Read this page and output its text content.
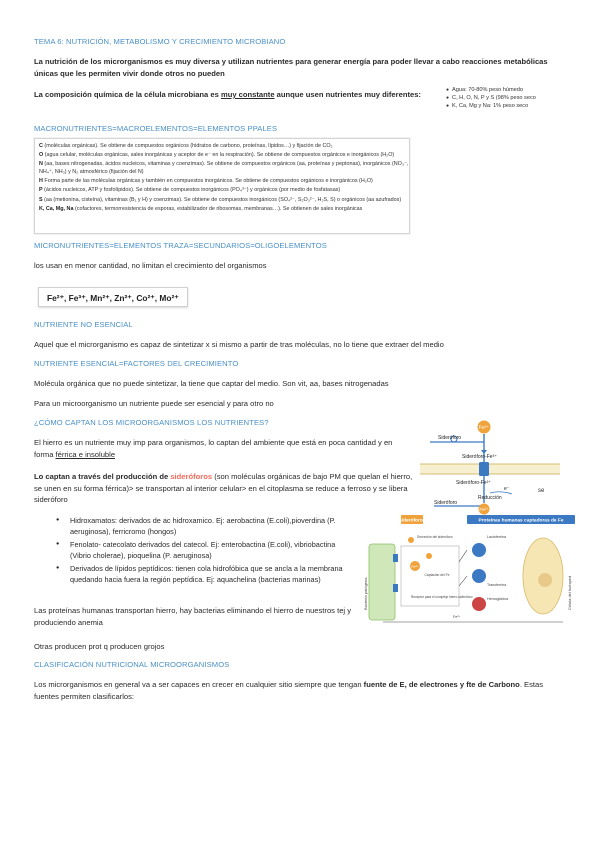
TEMA 6: NUTRICIÓN, METABOLISMO Y CRECIMIENTO MICROBIANO
La nutrición de los microrganismos es muy diversa y utilizan nutrientes para generar energía para poder llevar a cabo reacciones metabólicas únicas que les permiten vivir donde otros no pueden
La composición química de la célula microbiana es muy constante aunque usen nutrientes muy diferentes:
●	Agua: 70-80% peso húmedo
● C, H, O, N, P y S (98% peso seco
● K, Ca, Mg y Na: 1% peso seco
MACRONUTRIENTES=MACROELEMENTOS=ELEMENTOS PPALES
C (moléculas orgánicas). Se obtiene de compuestos orgánicos (hidratos de carbono, proteínas, lípidos…) y fijación de CO₂
O (agua celular, moléculas orgánicas, sales inorgánicas y aceptor de e⁻ en la respiración). Se obtiene de compuestos orgánicos e inorgánicos (H₂O)
N (aa, bases nitrogenadas, ácidos nucleicos, vitaminas y coenzimas). Se obtiene de compuestos orgánicos (aa, proteínas y peptonas), inorgánicos (NO₃⁻, NH₄⁺, NH₃) y N₂ atmosférico (fijación del N)
H Forma parte de las moléculas orgánicas y también en compuestos inorgánicos. Se obtiene de compuestos orgánicos e inorgánicos (H₂O)
P (ácidos nucleicos, ATP y fosfolípidos). Se obtiene de compuestos inorgánicos (PO₄³⁻) y orgánicos (por medio de fosfatasas)
S (aa (metionina, cisteína), vitaminas (B₁ y H) y coenzimas). Se obtiene de compuestos inorgánicos (SO₄²⁻, S₂O₃²⁻, H₂S, S) o orgánicos (aa azufrados)
K, Ca, Mg, Na (cofactores, termorresistencia de esporas, estabilizador de ribosomas, membranas…). Se obtienen de sales inorgánicas
MICRONUTRIENTES=ELEMENTOS TRAZA=SECUNDARIOS=OLIGOELEMENTOS
los usan en menor cantidad, no limitan el crecimiento del organismos
Fe²⁺, Fe³⁺, Mn²⁺, Zn²⁺, Co²⁺, Mo²⁺
NUTRIENTE NO ESENCIAL
Aquel que el microrganismo es capaz de sintetizar x si mismo a partir de tras moléculas, no lo tiene que extraer del medio
NUTRIENTE ESENCIAL=FACTORES DEL CRECIMIENTO
Molécula orgánica que no puede sintetizar, la tiene que captar del medio. Son vit, aa, bases nitrogenadas
Para un microorganismo un nutriente puede ser esencial y para otro no
¿CÓMO CAPTAN LOS MICROORGANISMOS LOS NUTRIENTES?
El hierro es un nutriente muy imp para organismos, lo captan del ambiente que está en poca cantidad y en forma férrica e insoluble
Lo captan a través del producción de sideróforos (son moléculas orgánicas de bajo PM que quelan el hierro, se unen en su forma férrica)> se transportan al interior celular> en el citoplasma se reduce a ferroso y se libera sideróforo
● Hidroxamatos: derivados de ac hidroxamico. Ej: aerobactina (E.coli),pioverdina (P. aeruginosa), ferricromo (hongos)
● Fenolato- catecolato derivados del catecol. Ej: enterobactina (E.coli), vibriobactina (Vibrio cholerae), pioquelina (P. aeruginosa)
● Derivados de lípidos peptídicos: tienen cola hidrofóbica que se ancla a la membrana quedando hacia fuera la región peptídica. Ej: aquachelina (bacterias marinas)
Las proteínas humanas transportan hierro, hay bacterias eliminando el hierro de nuestros tej y produciendo anemia
Otras producen prot q producen grojos
CLASIFICACIÓN NUTRICIONAL MICROORGANISMOS
Los microrganismos en general va a ser capaces en crecer en cualquier sitio siempre que tengan fuente de E, de electrones y fte de Carbono. Estas fuentes permiten clasificarlos:
Fe³⁺
Sideróforo
Sideróforo-Fe³⁺
Sideróforo-Fe²⁺
e⁻
Reducción
Sideróforo
Fe²⁺
se
Sideróforos	Proteínas humanas captadoras de Fe
Bacteria patógena
Secreción del sideróforo
Fe³⁺
Captación del Fe
Receptor para el complejo hierro-sideróforo
Lactoferrina
Transferrina
Hemoglobina
Fe²⁺
Célula del huésped
